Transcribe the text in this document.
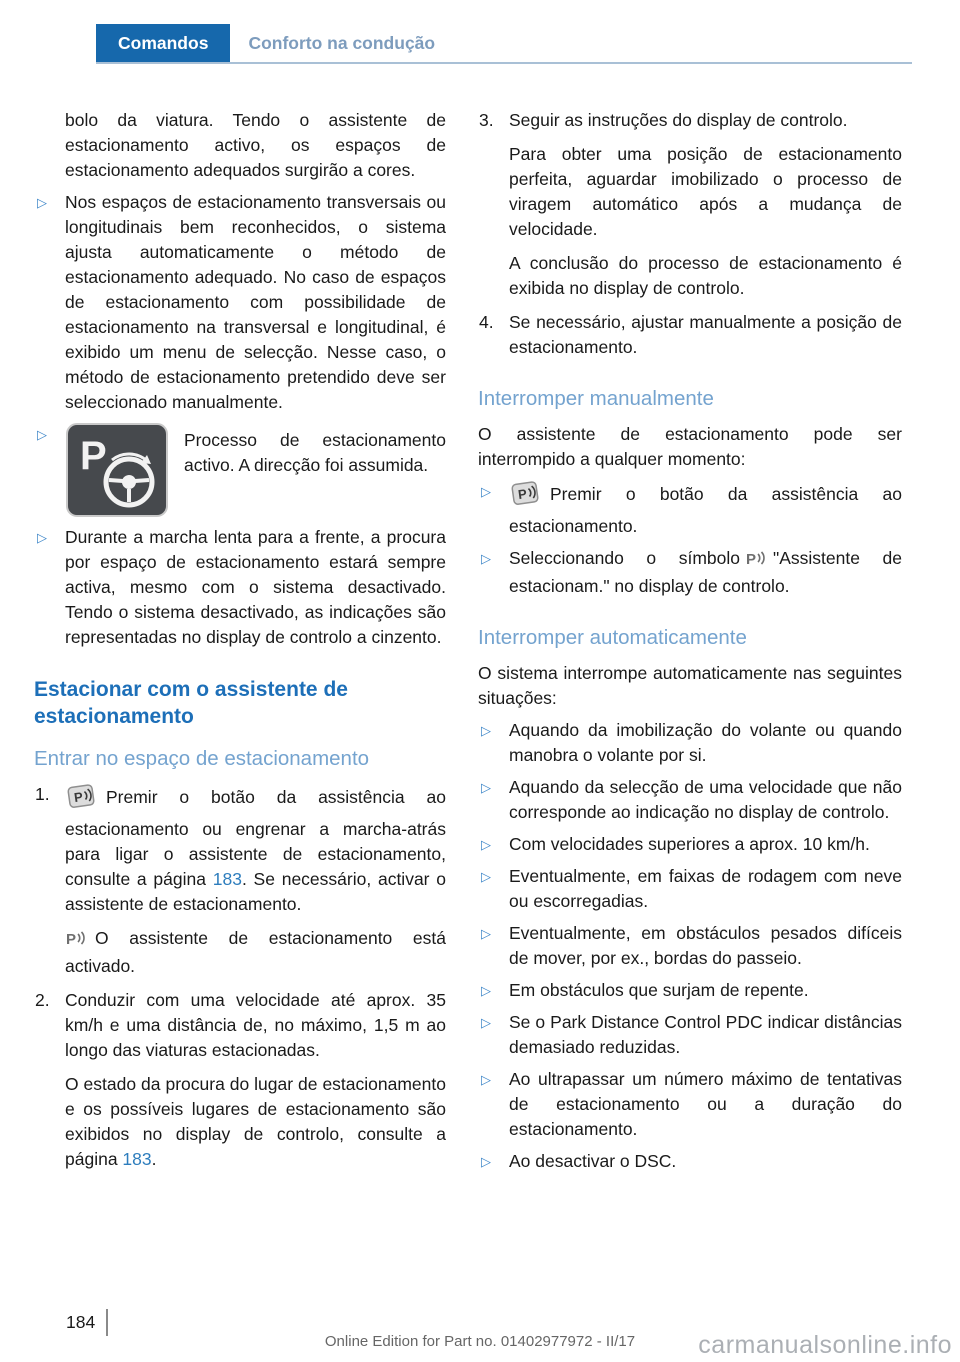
Comandos	Conforto na condução

bolo da viatura. Tendo o assistente de estacionamento activo, os espaços de estacionamento adequados surgirão a cores.

▷	Nos espaços de estacionamento transversais ou longitudinais bem reconhecidos, o sistema ajusta automaticamente o método de estacionamento adequado. No caso de espaços de estacionamento com possibilidade de estacionamento na transversal e longitudinal, é exibido um menu de selecção. Nesse caso, o método de estacionamento pretendido deve ser seleccionado manualmente.

▷ P	Processo de estacionamento activo. A direcção foi assumida.

▷	Durante a marcha lenta para a frente, a procura por espaço de estacionamento estará sempre activa, mesmo com o sistema desactivado. Tendo o sistema desactivado, as indicações são representadas no display de controlo a cinzento.

Estacionar com o assistente de estacionamento
Entrar no espaço de estacionamento
1.	P Premir o botão da assistência ao estacionamento ou engrenar a marcha-atrás para ligar o assistente de estacionamento, consulte a página 183. Se necessário, activar o assistente de estacionamento.

P O assistente de estacionamento está activado.

2. Conduzir com uma velocidade até aprox. 35 km/h e uma distância de, no máximo, 1,5 m ao longo das viaturas estacionadas.

O estado da procura do lugar de estacionamento e os possíveis lugares de estacionamento são exibidos no display de controlo, consulte a página 183.

3. Seguir as instruções do display de controlo.

Para obter uma posição de estacionamento perfeita, aguardar imobilizado o processo de viragem automático após a mudança de velocidade.

A conclusão do processo de estacionamento é exibida no display de controlo.

4. Se necessário, ajustar manualmente a posição de estacionamento.

Interromper manualmente

O assistente de estacionamento pode ser interrompido a qualquer momento:

▷	P Premir o botão da assistência ao estacionamento.

▷	Seleccionando o símbolo P "Assistente de estacionam." no display de controlo.

Interromper automaticamente

O sistema interrompe automaticamente nas seguintes situações:

▷	Aquando da imobilização do volante ou quando manobra o volante por si.

▷	Aquando da selecção de uma velocidade que não corresponde ao indicação no display de controlo.

▷	Com velocidades superiores a aprox. 10 km/h.

▷	Eventualmente, em faixas de rodagem com neve ou escorregadias.

▷	Eventualmente, em obstáculos pesados difíceis de mover, por ex., bordas do passeio.

▷	Em obstáculos que surjam de repente.

▷	Se o Park Distance Control PDC indicar distâncias demasiado reduzidas.

▷	Ao ultrapassar um número máximo de tentativas de estacionamento ou a duração do estacionamento.

▷	Ao desactivar o DSC.

184
Online Edition for Part no. 01402977972 - II/17	carmanualsonline.info
